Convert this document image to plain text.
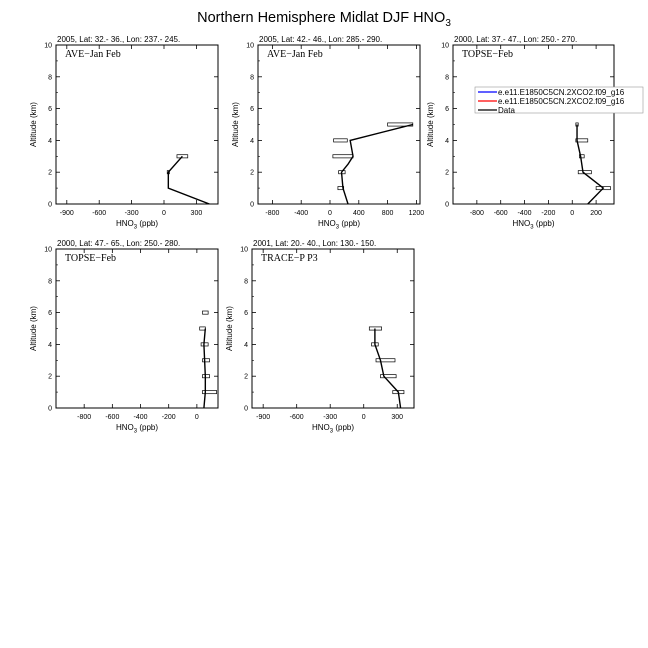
Northern Hemisphere Midlat DJF $HNO_3$
2005, Lat: 32.- 36., Lon: 237.- 245.
AVE−Jan Feb
0
2
4
6
8
10
-900	-600	-300	0	300
$HNO_3$ (ppb)
Altitude (km)
2005, Lat: 42.- 46., Lon: 285.- 290.
AVE−Jan Feb
0
2
4
6
8
10
-800 -400	0	400 800 1200
$HNO_3$ (ppb)
Altitude (km)
2000, Lat: 37.- 47., Lon: 250.- 270.
TOPSE−Feb
0
2
4
6
8
10
-800 -600 -400 -200 0 200
$HNO_3$ (ppb)
Altitude (km)
2000, Lat: 47.- 65., Lon: 250.- 280.
TOPSE−Feb
0
2
4
6
8
10
-800 -600 -400 -200	0
$HNO_3$ (ppb)
Altitude (km)
2001, Lat: 20.- 40., Lon: 130.- 150.
TRACE−P P3
0
2
4
6
8
10
-900	-600	-300	0	300
$HNO_3$ (ppb)
Altitude (km)
e.e11.E1850C5CN.2XCO2.f09_g16
e.e11.E1850C5CN.2XCO2.f09_g16
Data
